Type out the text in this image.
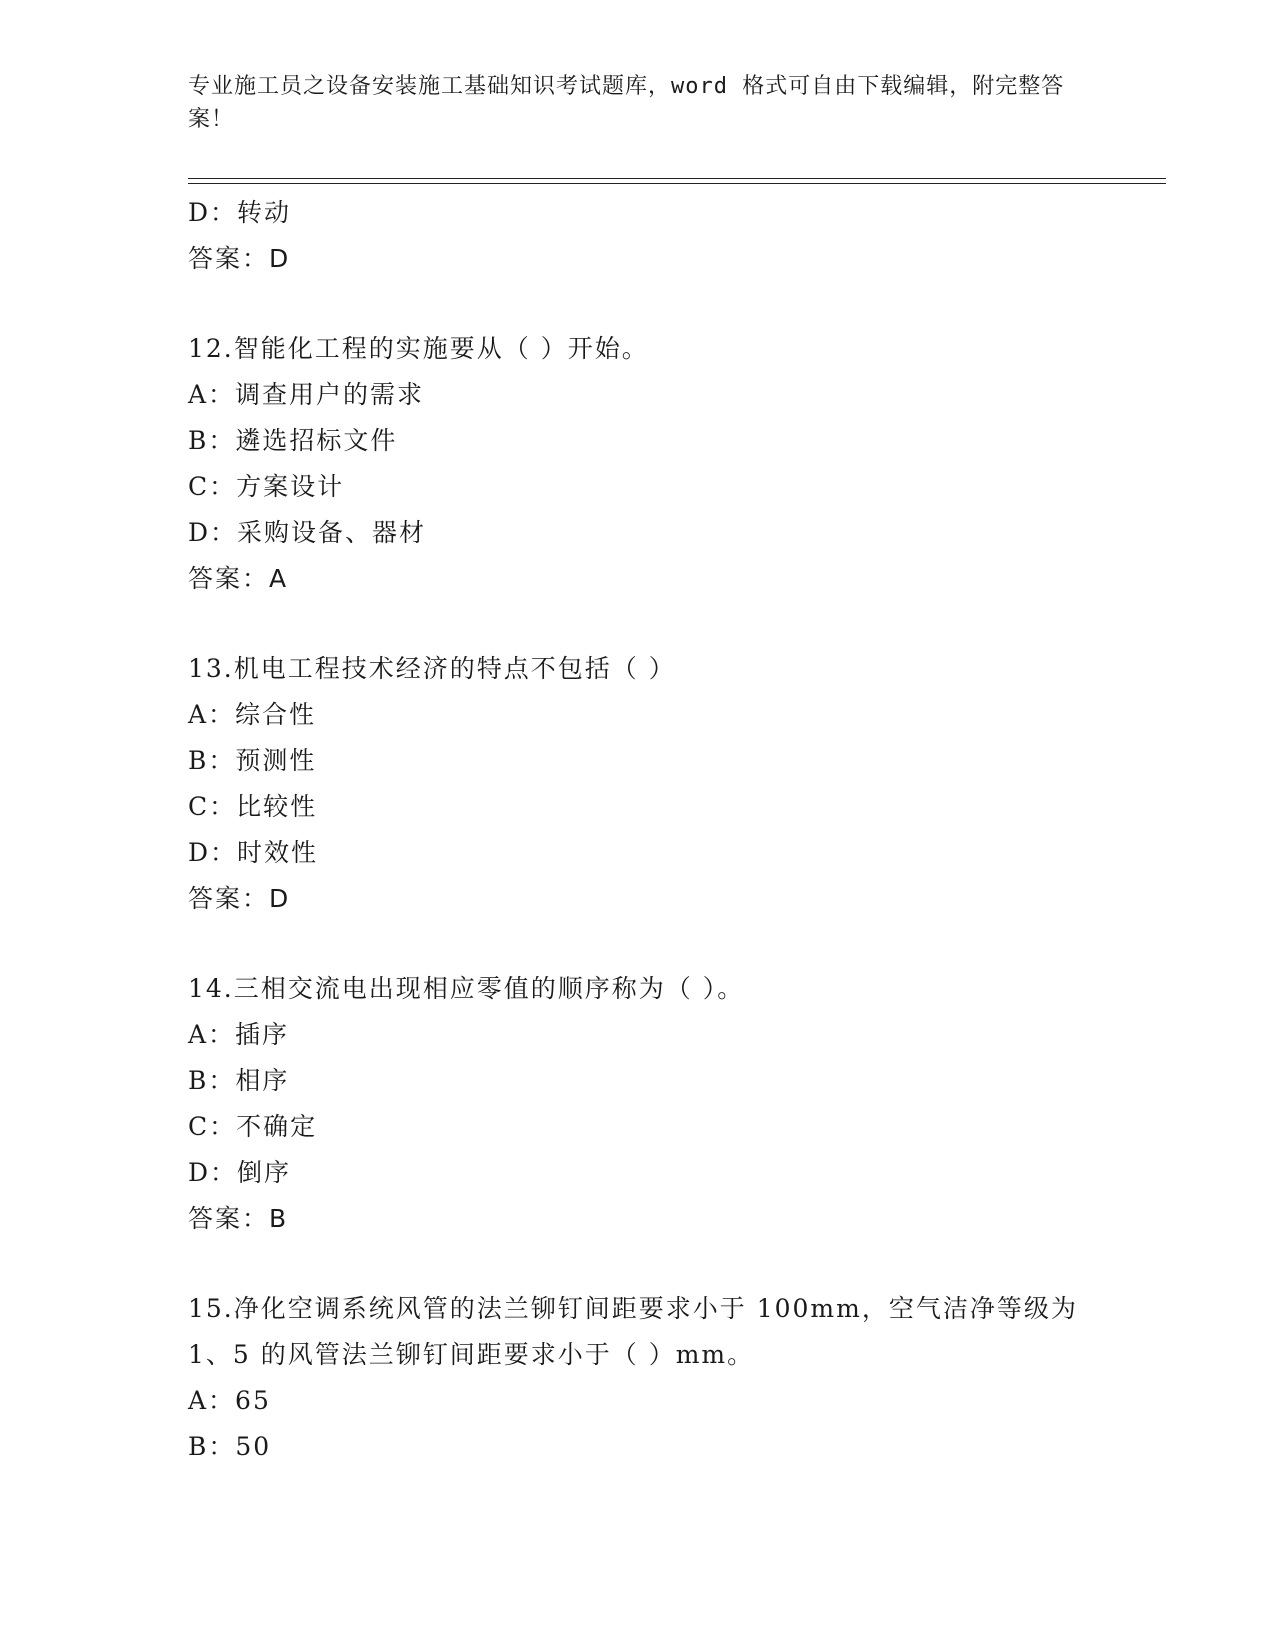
专业施工员之设备安装施工基础知识考试题库，word 格式可自由下载编辑，附完整答案！
D：转动
答案：D
12.智能化工程的实施要从（ ）开始。
A：调查用户的需求
B：遴选招标文件
C：方案设计
D：采购设备、器材
答案：A
13.机电工程技术经济的特点不包括（ ）
A：综合性
B：预测性
C：比较性
D：时效性
答案：D
14.三相交流电出现相应零值的顺序称为（ ）。
A：插序
B：相序
C：不确定
D：倒序
答案：B
15.净化空调系统风管的法兰铆钉间距要求小于 100mm，空气洁净等级为 1、5 的风管法兰铆钉间距要求小于（ ）mm。
A：65
B：50
